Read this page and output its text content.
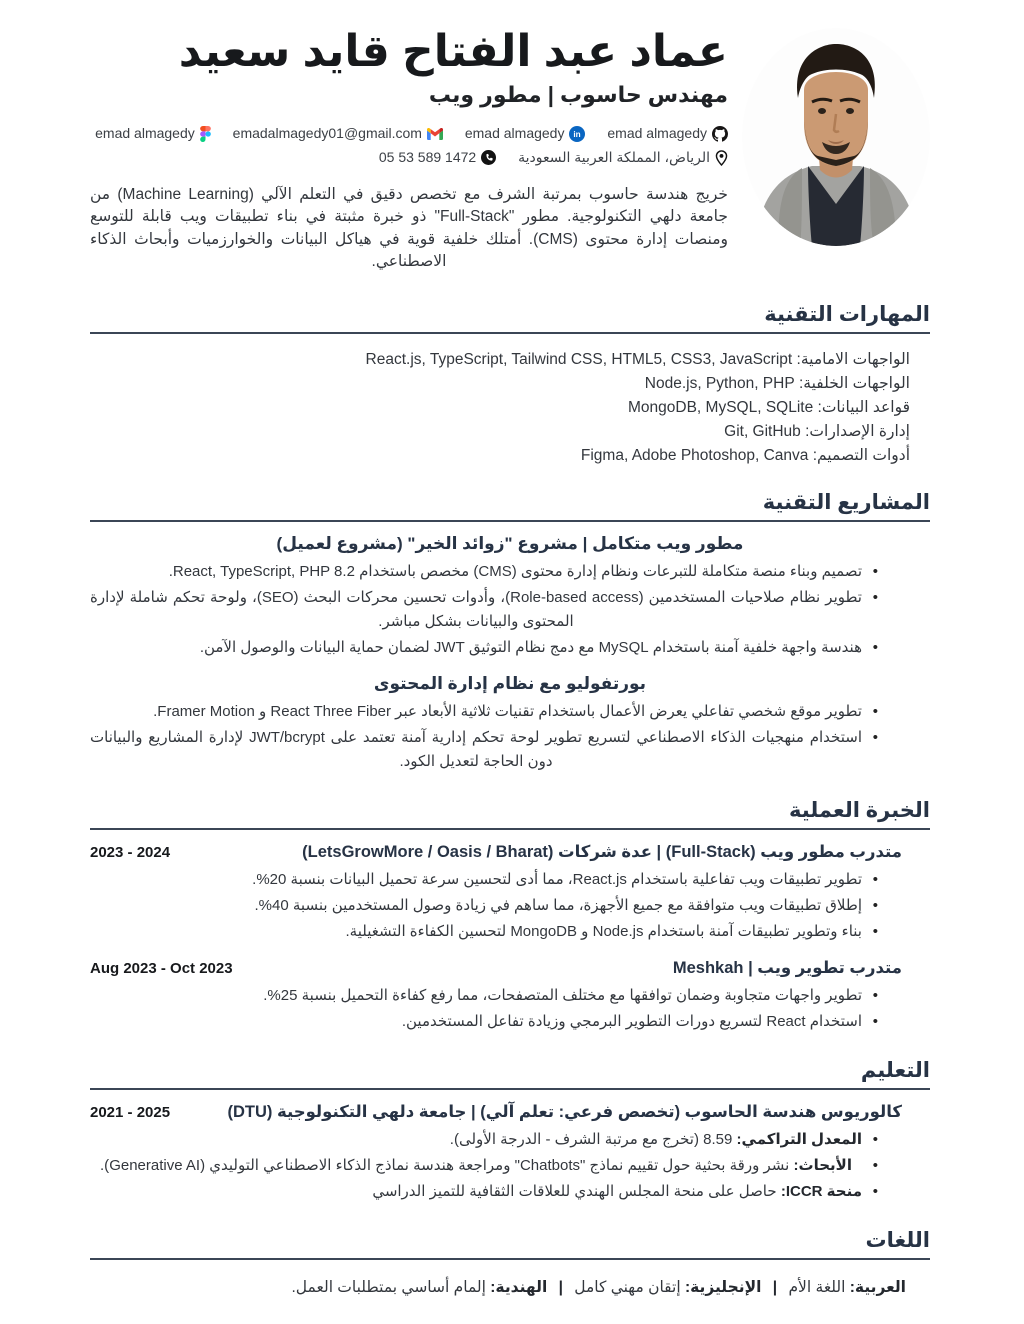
عماد عبد الفتاح قايد سعيد
مهندس حاسوب | مطور ويب
emad almagedy
	emadalmagedy01@gmail.com
	emad almagedy in
emad almagedy
05 53 589 1472
	الرياض، المملكة العربية السعودية

خريج هندسة حاسوب بمرتبة الشرف مع تخصص دقيق في التعلم الآلي (Machine Learning) من جامعة دلهي التكنولوجية. مطور "Full-Stack" ذو خبرة مثبتة في بناء تطبيقات ويب قابلة للتوسع ومنصات إدارة محتوى (CMS). أمتلك خلفية قوية في هياكل البيانات والخوارزميات وأبحاث الذكاء الاصطناعي.

المهارات التقنية
الواجهات الامامية: React.js, TypeScript, Tailwind CSS, HTML5, CSS3, JavaScript
الواجهات الخلفية: Node.js, Python, PHP
قواعد البيانات: MongoDB, MySQL, SQLite
إدارة الإصدارات: Git, GitHub
أدوات التصميم: Figma, Adobe Photoshop, Canva
المشاريع التقنية
مطور ويب متكامل | مشروع "زوائد الخير" (مشروع لعميل)
• تصميم وبناء منصة متكاملة للتبرعات ونظام إدارة محتوى (CMS) مخصص باستخدام React, TypeScript, PHP 8.2.
• تطوير نظام صلاحيات المستخدمين (Role-based access)، وأدوات تحسين محركات البحث (SEO)، ولوحة تحكم شاملة لإدارة المحتوى والبيانات بشكل مباشر.
• هندسة واجهة خلفية آمنة باستخدام MySQL مع دمج نظام التوثيق JWT لضمان حماية البيانات والوصول الآمن.
بورتفوليو مع نظام إدارة المحتوى
• تطوير موقع شخصي تفاعلي يعرض الأعمال باستخدام تقنيات ثلاثية الأبعاد عبر React Three Fiber و Framer Motion.
• استخدام منهجيات الذكاء الاصطناعي لتسريع تطوير لوحة تحكم إدارية آمنة تعتمد على JWT/bcrypt لإدارة المشاريع والبيانات دون الحاجة لتعديل الكود.
الخبرة العملية
متدرب مطور ويب (Full-Stack) | عدة شركات (LetsGrowMore / Oasis / Bharat)
2023 - 2024
• تطوير تطبيقات ويب تفاعلية باستخدام React.js، مما أدى لتحسين سرعة تحميل البيانات بنسبة 20%.
• إطلاق تطبيقات ويب متوافقة مع جميع الأجهزة، مما ساهم في زيادة وصول المستخدمين بنسبة 40%.
• بناء وتطوير تطبيقات آمنة باستخدام Node.js و MongoDB لتحسين الكفاءة التشغيلية.
متدرب تطوير ويب | Meshkah
Aug 2023 - Oct 2023
• تطوير واجهات متجاوبة وضمان توافقها مع مختلف المتصفحات، مما رفع كفاءة التحميل بنسبة 25%.
• استخدام React لتسريع دورات التطوير البرمجي وزيادة تفاعل المستخدمين.
التعليم
كالوريوس هندسة الحاسوب (تخصص فرعي: تعلم آلي) | جامعة دلهي التكنولوجية (DTU)
2021 - 2025
• المعدل التراكمي: 8.59 (تخرج مع مرتبة الشرف - الدرجة الأولى).
• الأبحاث: نشر ورقة بحثية حول تقييم نماذج "Chatbots" ومراجعة هندسة نماذج الذكاء الاصطناعي التوليدي (Generative AI).
• منحة ICCR: حاصل على منحة المجلس الهندي للعلاقات الثقافية للتميز الدراسي
اللغات
العربية: اللغة الأم | الإنجليزية: إتقان مهني كامل | الهندية: إلمام أساسي بمتطلبات العمل.
